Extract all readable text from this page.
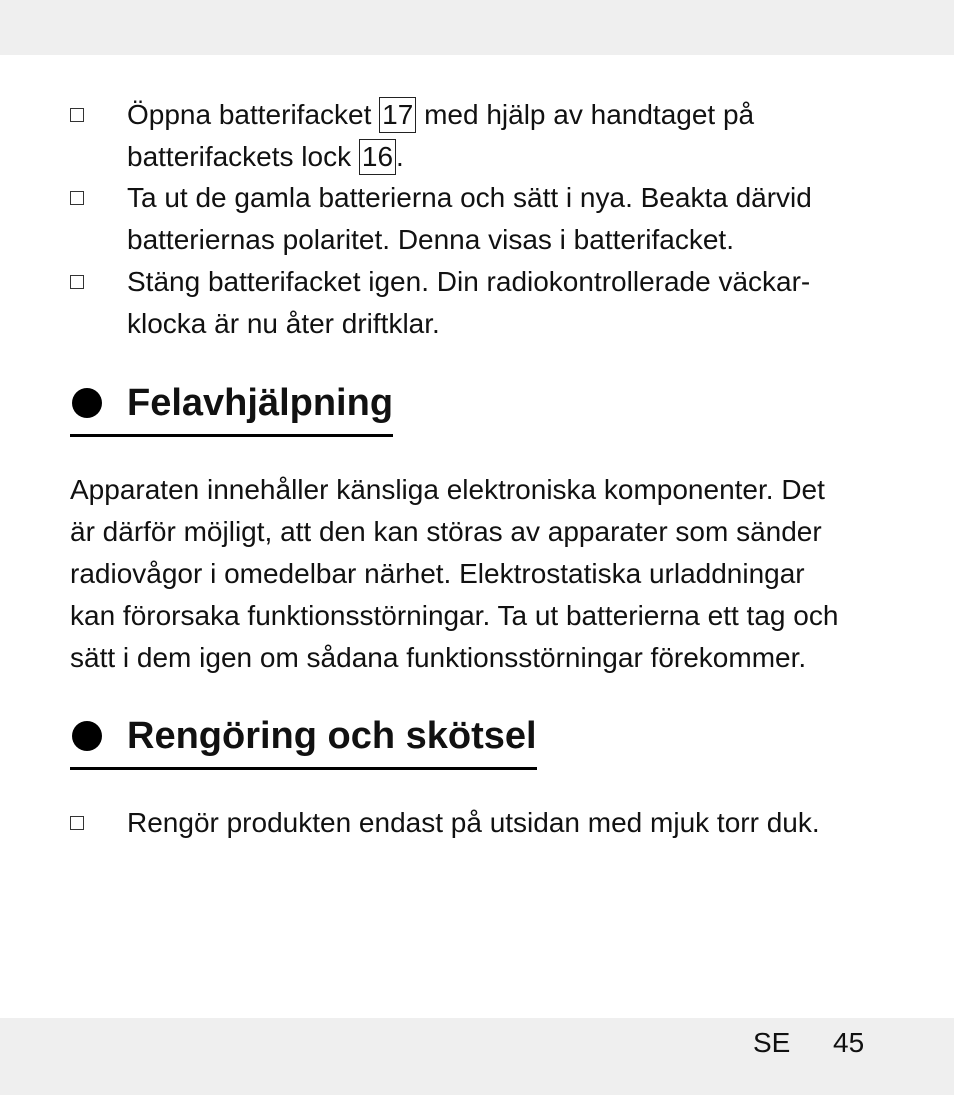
Öppna batterifacket 17 med hjälp av handtaget på
batterifackets lock 16 .
Ta ut de gamla batterierna och sätt i nya. Beakta därvid
batteriernas polaritet. Denna visas i batterifacket.
Stäng batterifacket igen. Din radiokontrollerade väckar-
klocka är nu åter driftklar.
Felavhjälpning
Apparaten innehåller känsliga elektroniska komponenter. Det
är därför möjligt, att den kan störas av apparater som sänder
radiovågor i omedelbar närhet. Elektrostatiska urladdningar
kan förorsaka funktionsstörningar. Ta ut batterierna ett tag och
sätt i dem igen om sådana funktionsstörningar förekommer.
Rengöring och skötsel
Rengör produkten endast på utsidan med mjuk torr duk.
SE 45
